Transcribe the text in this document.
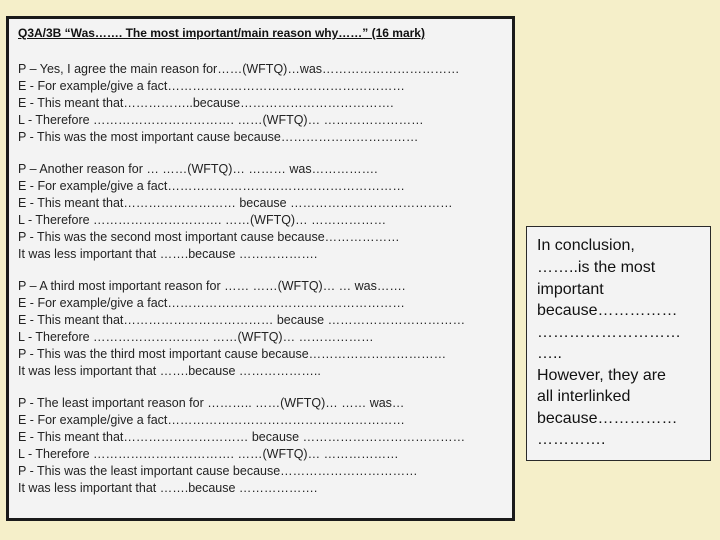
Q3A/3B “Was……. The most important/main reason why……” (16 mark)
P – Yes, I agree the main reason for……(WFTQ)…was……………………………
E - For example/give a fact…………………………………………………
E - This meant that……………..because……………………………….
L - Therefore ……………………………. ……(WFTQ)… ……………………
P - This was the most important cause because……………………………
P – Another reason for … ……(WFTQ)… ……… was…………….
E - For example/give a fact…………………………………………………
E - This meant that……………………… because …………………………………
L - Therefore …………………………. ……(WFTQ)… ………………
P - This was the second most important cause because………………
It was less important that …….because ……………….
P – A third most important reason for …… ……(WFTQ)… … was…….
E - For example/give a fact…………………………………………………
E - This meant that……………………………… because ……………………………
L - Therefore ………………………. ……(WFTQ)… ………………
P - This was the third most important cause because……………………………
It was less important that …….because ………………..
P - The least important reason for ……….. ……(WFTQ)… …… was…
E - For example/give a fact…………………………………………………
E - This meant that………………………… because …………………………………
L - Therefore ……………………………. ……(WFTQ)… ………………
P - This was the least important cause because……………………………
It was less important that …….because ……………….
In conclusion,
……..is the most
important
because……………
………………………
…..
However, they are
all interlinked
because……………
………….
